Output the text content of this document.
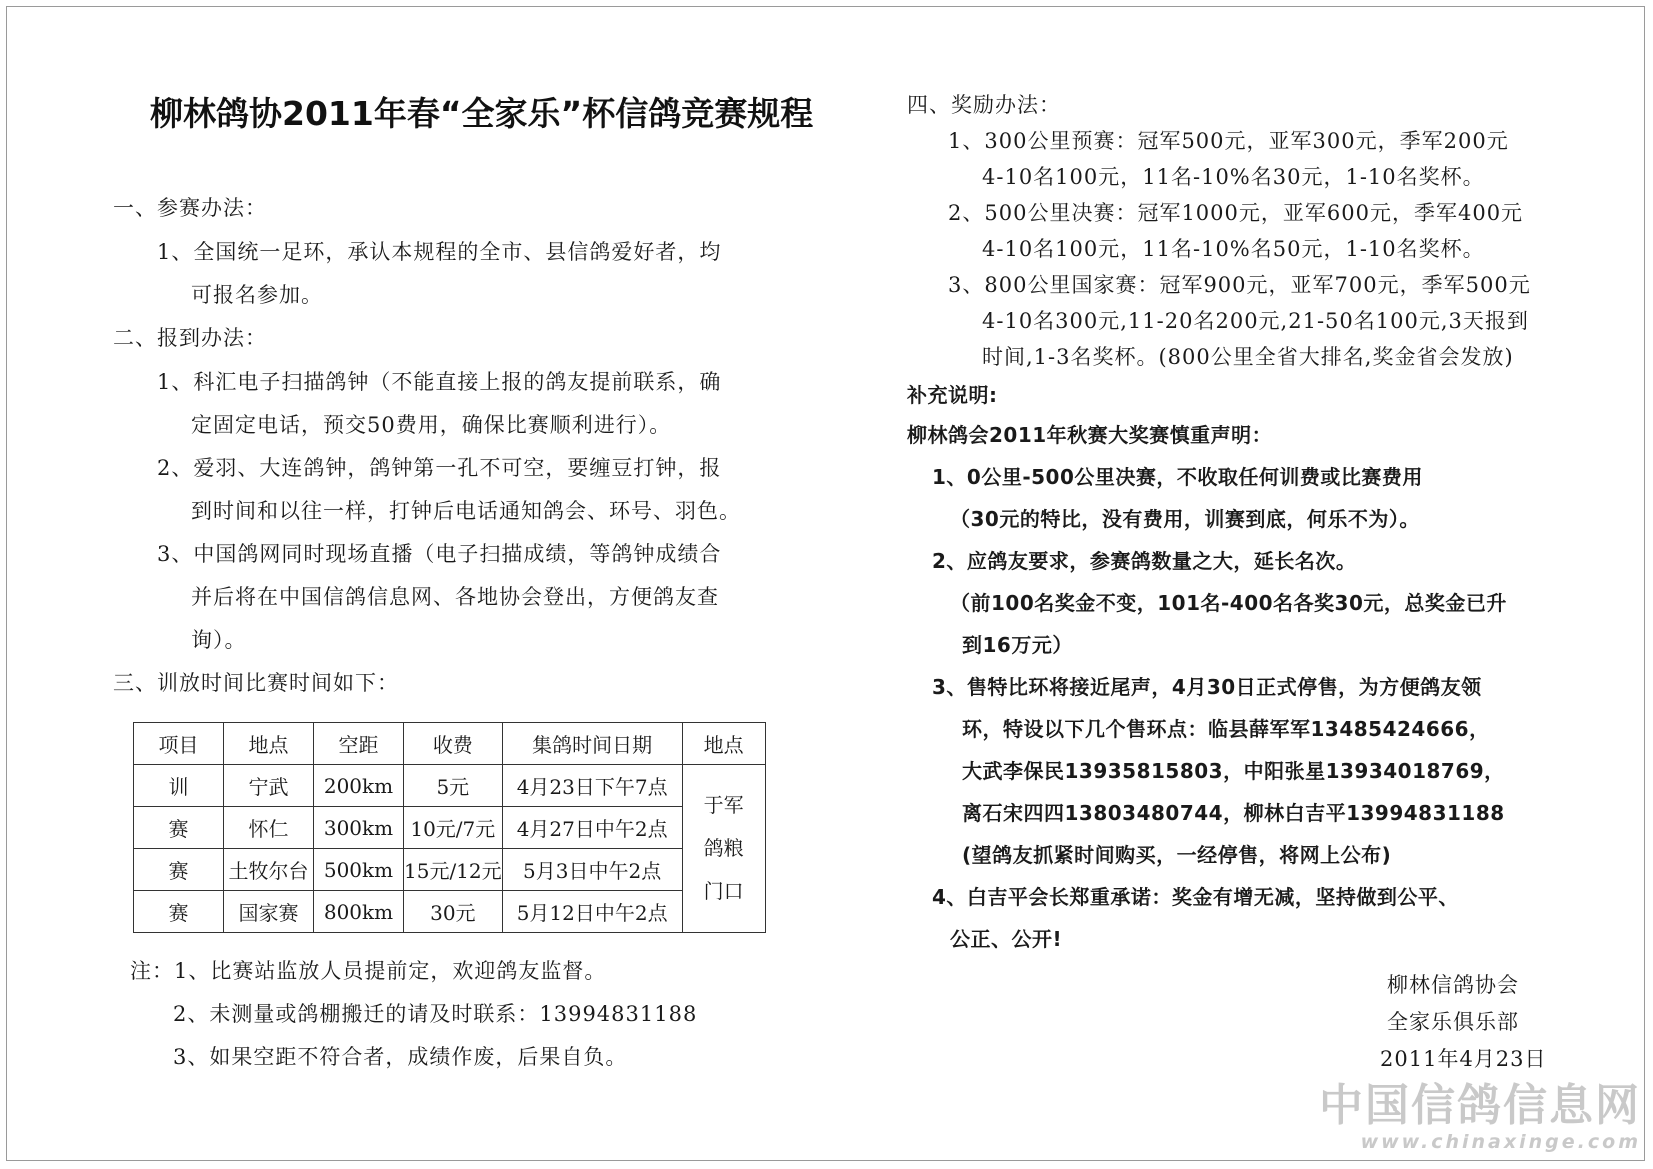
柳林鸽协2011年春“全家乐”杯信鸽竞赛规程
一、参赛办法：
1、全国统一足环，承认本规程的全市、县信鸽爱好者，均
可报名参加。
二、报到办法：
1、科汇电子扫描鸽钟（不能直接上报的鸽友提前联系，确
定固定电话，预交50费用，确保比赛顺利进行）。
2、爱羽、大连鸽钟，鸽钟第一孔不可空，要缠豆打钟，报
到时间和以往一样，打钟后电话通知鸽会、环号、羽色。
3、中国鸽网同时现场直播（电子扫描成绩，等鸽钟成绩合
并后将在中国信鸽信息网、各地协会登出，方便鸽友查
询）。
三、训放时间比赛时间如下：
项目	地点	空距	收费	集鸽时间日期	地点
训	宁武	200km	5元	4月23日下午7点	于军
鸽粮
门口

赛	怀仁	300km	10元/7元	4月27日中午2点	
赛	土牧尔台	500km	15元/12元	5月3日中午2点	
赛	国家赛	800km	30元	5月12日中午2点	
注：1、比赛站监放人员提前定，欢迎鸽友监督。
2、未测量或鸽棚搬迁的请及时联系：13994831188
3、如果空距不符合者，成绩作废，后果自负。
四、奖励办法：
1、300公里预赛：冠军500元，亚军300元，季军200元
4-10名100元，11名-10%名30元，1-10名奖杯。
2、500公里决赛：冠军1000元，亚军600元，季军400元
4-10名100元，11名-10%名50元，1-10名奖杯。
3、800公里国家赛：冠军900元，亚军700元，季军500元
4-10名300元,11-20名200元,21-50名100元,3天报到
时间,1-3名奖杯。(800公里全省大排名,奖金省会发放)
补充说明:
柳林鸽会2011年秋赛大奖赛慎重声明：
1、0公里-500公里决赛，不收取任何训费或比赛费用
（30元的特比，没有费用，训赛到底，何乐不为）。
2、应鸽友要求，参赛鸽数量之大，延长名次。
（前100名奖金不变，101名-400名各奖30元，总奖金已升
到16万元）
3、售特比环将接近尾声，4月30日正式停售，为方便鸽友领
环，特设以下几个售环点：临县薛军军13485424666，
大武李保民13935815803，中阳张星13934018769，
离石宋四四13803480744，柳林白吉平13994831188
(望鸽友抓紧时间购买，一经停售，将网上公布)
4、白吉平会长郑重承诺：奖金有增无减，坚持做到公平、
公正、公开!
柳林信鸽协会
全家乐俱乐部
2011年4月23日
中国信鸽信息网
www.chinaxinge.com
